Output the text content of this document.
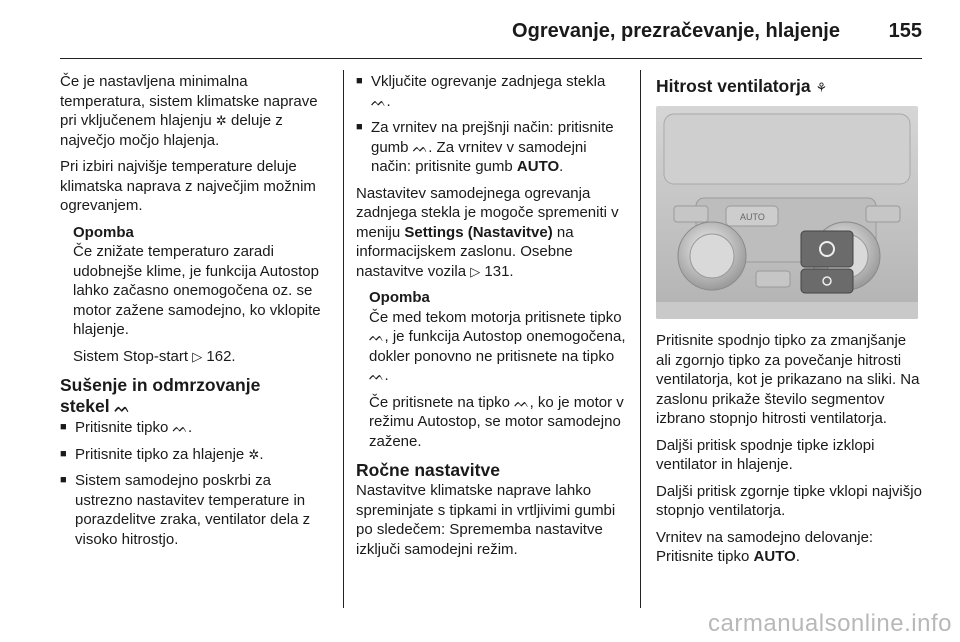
Ogrevanje, prezračevanje, hlajenje 155

Če je nastavljena minimalna temperatura, sistem klimatske naprave pri vključenem hlajenju ✲ deluje z največjo močjo hlajenja.

Pri izbiri najvišje temperature deluje klimatska naprava z največjim možnim ogrevanjem.

Opomba

Če znižate temperaturo zaradi udobnejše klime, je funkcija Autostop lahko začasno onemogočena oz. se motor zažene samodejno, ko vklopite hlajenje.

Sistem Stop-start ▷ 162.

Sušenje in odmrzovanje
stekel ᨓ
■ Pritisnite tipko ᨓ.
■ Pritisnite tipko za hlajenje ✲.
■ Sistem samodejno poskrbi za ustrezno nastavitev temperature in porazdelitve zraka, ventilator dela z visoko hitrostjo.
■ Vključite ogrevanje zadnjega stekla ᨓ.
■ Za vrnitev na prejšnji način: pritisnite gumb ᨓ. Za vrnitev v samodejni način: pritisnite gumb AUTO.

Nastavitev samodejnega ogrevanja zadnjega stekla je mogoče spremeniti v meniju Settings (Nastavitve) na informacijskem zaslonu. Osebne nastavitve vozila ▷ 131.

Opomba

Če med tekom motorja pritisnete tipko ᨓ, je funkcija Autostop onemogočena, dokler ponovno ne pritisnete na tipko ᨓ.

Če pritisnete na tipko ᨓ, ko je motor v režimu Autostop, se motor samodejno zažene.

Ročne nastavitve

Nastavitve klimatske naprave lahko spreminjate s tipkami in vrtljivimi gumbi po sledečem: Sprememba nastavitve izključi samodejni režim.

Hitrost ventilatorja ⚘
AUTO

Pritisnite spodnjo tipko za zmanjšanje ali zgornjo tipko za povečanje hitrosti ventilatorja, kot je prikazano na sliki. Na zaslonu prikaže število segmentov izbrano stopnjo hitrosti ventilatorja.

Daljši pritisk spodnje tipke izklopi ventilator in hlajenje.

Daljši pritisk zgornje tipke vklopi najvišjo stopnjo ventilatorja.

Vrnitev na samodejno delovanje: Pritisnite tipko AUTO.

carmanualsonline.info
